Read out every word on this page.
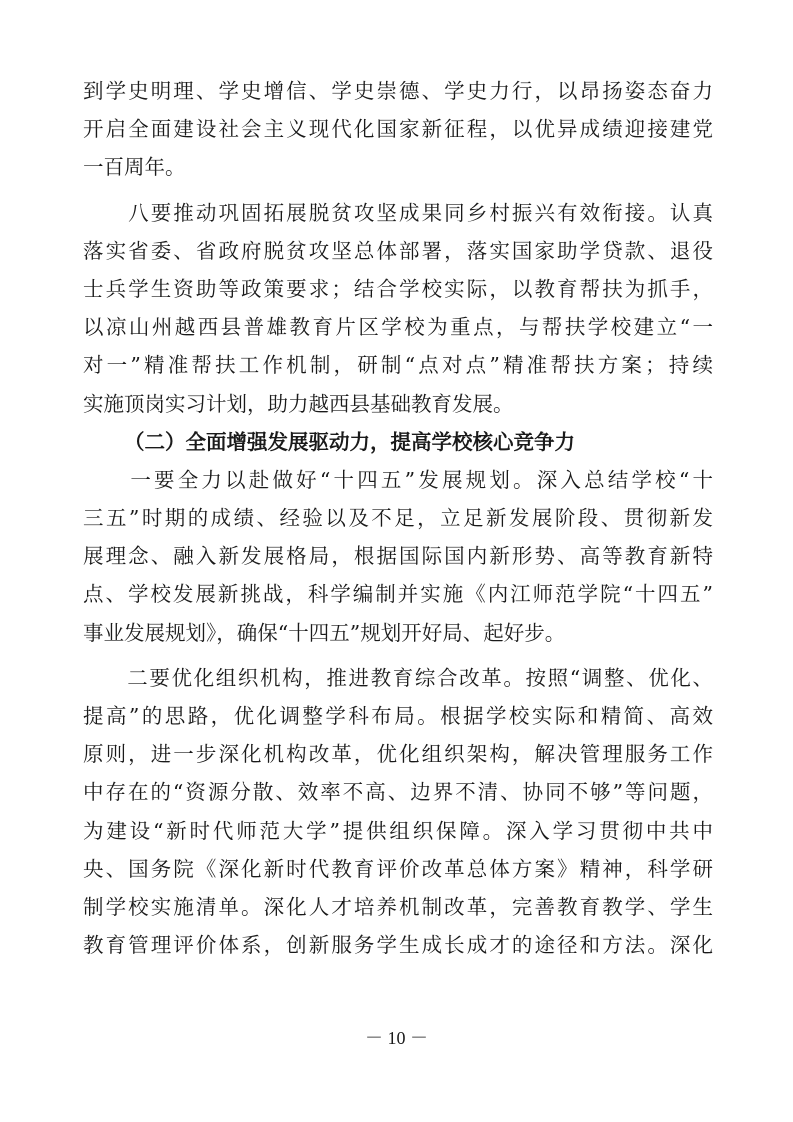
到学史明理、学史增信、学史崇德、学史力行，以昂扬姿态奋力
开启全面建设社会主义现代化国家新征程，以优异成绩迎接建党
一百周年。
　　八要推动巩固拓展脱贫攻坚成果同乡村振兴有效衔接。认真
落实省委、省政府脱贫攻坚总体部署，落实国家助学贷款、退役
士兵学生资助等政策要求；结合学校实际，以教育帮扶为抓手，
以凉山州越西县普雄教育片区学校为重点，与帮扶学校建立“一
对一”精准帮扶工作机制，研制“点对点”精准帮扶方案；持续
实施顶岗实习计划，助力越西县基础教育发展。
（二）全面增强发展驱动力，提高学校核心竞争力
　　一要全力以赴做好“十四五”发展规划。深入总结学校“十
三五”时期的成绩、经验以及不足，立足新发展阶段、贯彻新发
展理念、融入新发展格局，根据国际国内新形势、高等教育新特
点、学校发展新挑战，科学编制并实施《内江师范学院“十四五”
事业发展规划》，确保“十四五”规划开好局、起好步。
　　二要优化组织机构，推进教育综合改革。按照“调整、优化、
提高”的思路，优化调整学科布局。根据学校实际和精简、高效
原则，进一步深化机构改革，优化组织架构，解决管理服务工作
中存在的“资源分散、效率不高、边界不清、协同不够”等问题，
为建设“新时代师范大学”提供组织保障。深入学习贯彻中共中
央、国务院《深化新时代教育评价改革总体方案》精神，科学研
制学校实施清单。深化人才培养机制改革，完善教育教学、学生
教育管理评价体系，创新服务学生成长成才的途径和方法。深化
－ 10 －
